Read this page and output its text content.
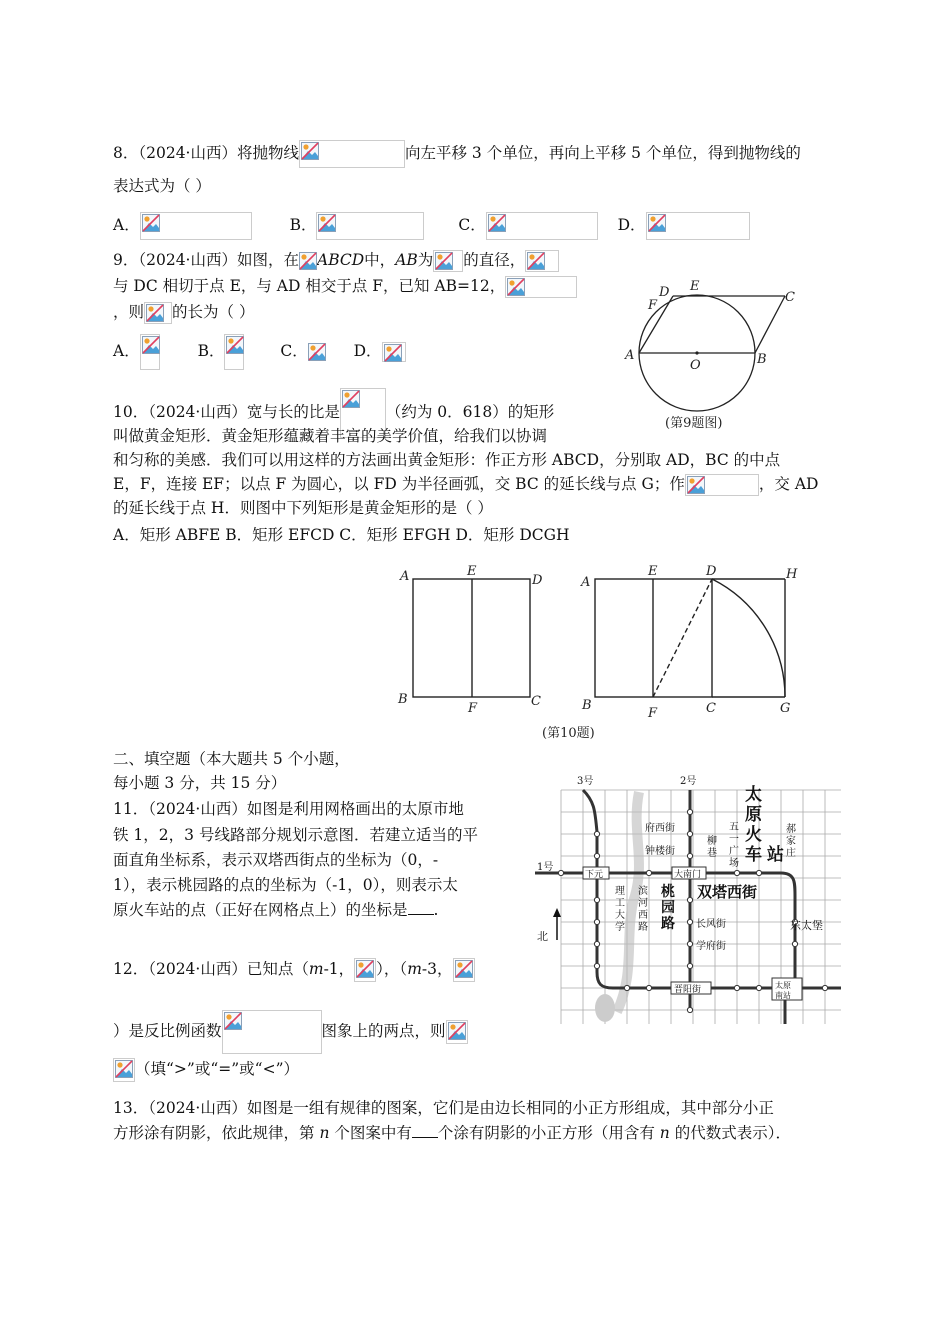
8．（2024·山西）将抛物线	向左平移 3 个单位，再向上平移 5 个单位，得到抛物线的
表达式为（ ）
A．	B．	C．	D．
9．（2024·山西）如图，在 ABCD中，AB为 的直径，
与 DC 相切于点 E，与 AD 相交于点 F，已知 AB=12，
，则 的长为（ ）
A．	B．	C．	D．	A	B
C
D E
F
O
(第9题图)
10．（2024·山西）宽与长的比是	（约为 0．618）的矩形
叫做黄金矩形．黄金矩形蕴藏着丰富的美学价值，给我们以协调
和匀称的美感．我们可以用这样的方法画出黄金矩形：作正方形 ABCD，分别取 AD，BC 的中点
E，F，连接 EF；以点 F 为圆心，以 FD 为半径画弧，交 BC 的延长线与点 G；作	，交 AD
的延长线于点 H．则图中下列矩形是黄金矩形的是（ ）
A．矩形 ABFE B．矩形 EFCD C．矩形 EFGH D．矩形 DCGH
A	E
D
B
F	C
A
E	D	H
B
F	C	G
(第10题)
二、填空题（本大题共 5 个小题，
每小题 3 分，共 15 分）
11．（2024·山西）如图是利用网格画出的太原市地
铁 1，2，3 号线路部分规划示意图．若建立适当的平
面直角坐标系，表示双塔西街点的坐标为（0，-
1），表示桃园路的点的坐标为（-1，0），则表示太
原火车站的点（正好在网格点上）的坐标是 .
3号	2号
1号
下元	大南门
府西街
钟楼街
长风街
学府街
晋阳街	太原
南站
东太堡
双塔西街
北
太
原
火
车 站
郝
家
庄
五
一
广
场
柳
巷
理
工
大
学
滨
河
西
路
桃
园
路
12．（2024·山西）已知点（m-1， ），（m-3，
）是反比例函数	图象上的两点，则
（填“>”或“=”或“<”）
13．（2024·山西）如图是一组有规律的图案，它们是由边长相同的小正方形组成，其中部分小正
方形涂有阴影，依此规律，第 n 个图案中有 个涂有阴影的小正方形（用含有 n 的代数式表示）．
